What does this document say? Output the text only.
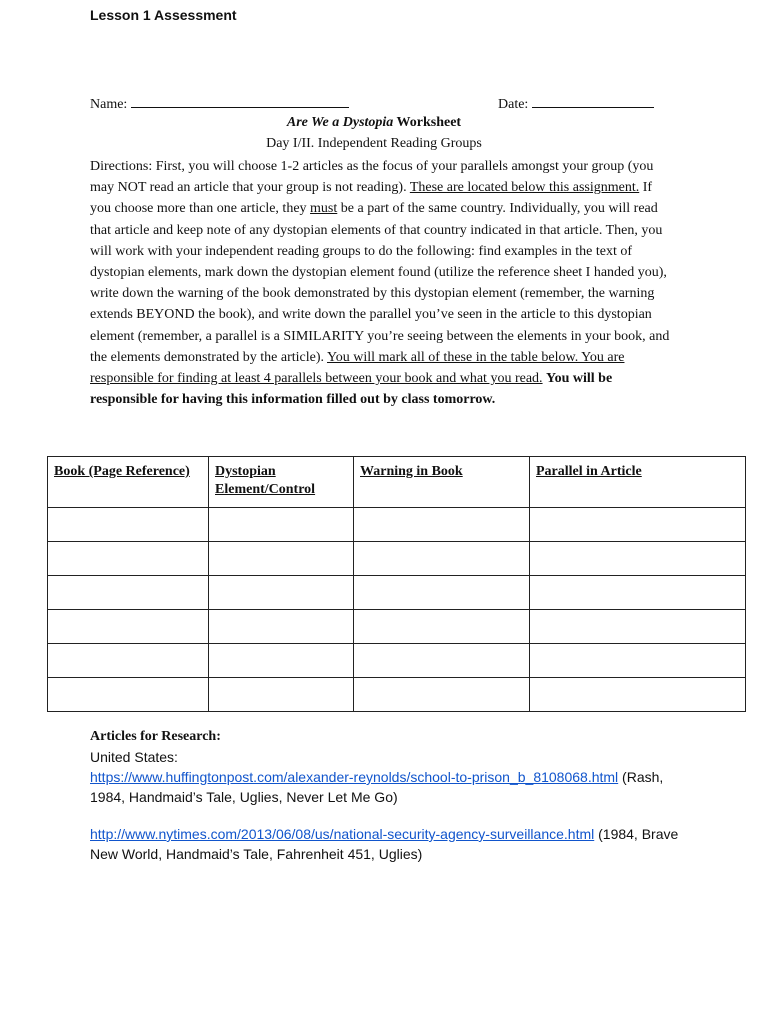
Lesson 1 Assessment
Name:	Date:
Are We a Dystopia Worksheet
Day I/II. Independent Reading Groups
Directions: First, you will choose 1-2 articles as the focus of your parallels amongst your group (you may NOT read an article that your group is not reading). These are located below this assignment. If you choose more than one article, they must be a part of the same country. Individually, you will read that article and keep note of any dystopian elements of that country indicated in that article. Then, you will work with your independent reading groups to do the following: find examples in the text of dystopian elements, mark down the dystopian element found (utilize the reference sheet I handed you), write down the warning of the book demonstrated by this dystopian element (remember, the warning extends BEYOND the book), and write down the parallel you’ve seen in the article to this dystopian element (remember, a parallel is a SIMILARITY you’re seeing between the elements in your book, and the elements demonstrated by the article). You will mark all of these in the table below. You are responsible for finding at least 4 parallels between your book and what you read. You will be responsible for having this information filled out by class tomorrow.
Book (Page Reference)	Dystopian Element/Control	Warning in Book	Parallel in Article

Articles for Research:
United States:
https://www.huffingtonpost.com/alexander-reynolds/school-to-prison_b_8108068.html (Rash, 1984, Handmaid’s Tale, Uglies, Never Let Me Go)
http://www.nytimes.com/2013/06/08/us/national-security-agency-surveillance.html (1984, Brave New World, Handmaid’s Tale, Fahrenheit 451, Uglies)
